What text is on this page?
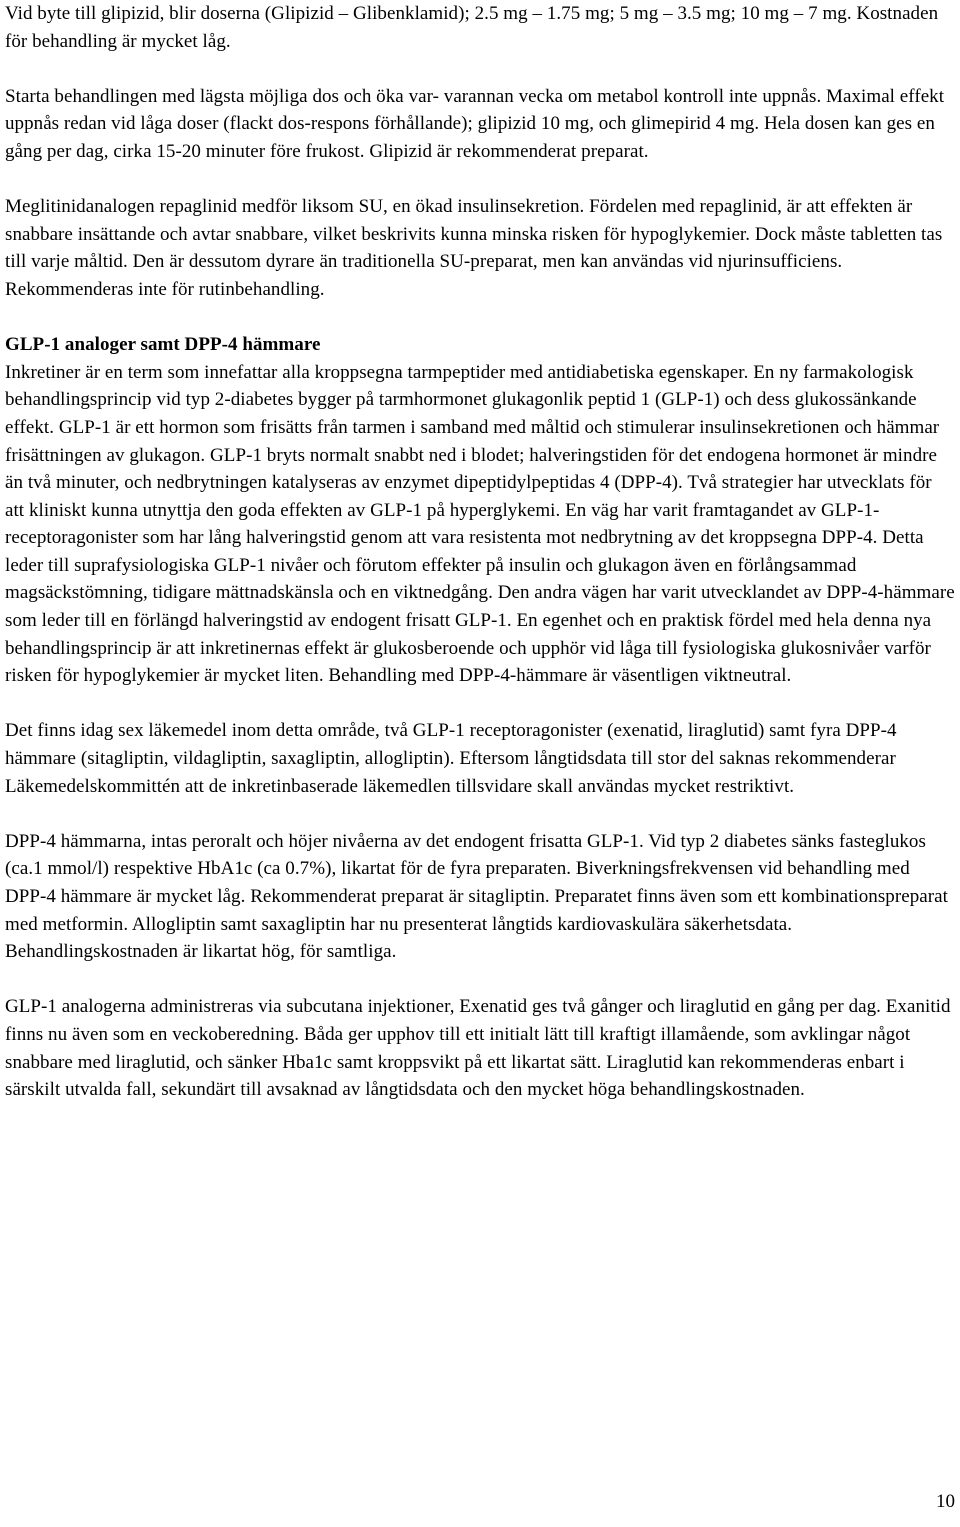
Vid byte till glipizid, blir doserna (Glipizid – Glibenklamid); 2.5 mg – 1.75 mg; 5 mg – 3.5 mg; 10 mg – 7 mg. Kostnaden för behandling är mycket låg.

Starta behandlingen med lägsta möjliga dos och öka var- varannan vecka om metabol kontroll inte uppnås. Maximal effekt uppnås redan vid låga doser (flackt dos-respons förhållande); glipizid 10 mg, och glimepirid 4 mg. Hela dosen kan ges en gång per dag, cirka 15-20 minuter före frukost. Glipizid är rekommenderat preparat.

Meglitinidanalogen repaglinid medför liksom SU, en ökad insulinsekretion. Fördelen med repaglinid, är att effekten är snabbare insättande och avtar snabbare, vilket beskrivits kunna minska risken för hypoglykemier. Dock måste tabletten tas till varje måltid. Den är dessutom dyrare än traditionella SU-preparat, men kan användas vid njurinsufficiens. Rekommenderas inte för rutinbehandling.

GLP-1 analoger samt DPP-4 hämmare

Inkretiner är en term som innefattar alla kroppsegna tarmpeptider med antidiabetiska egenskaper. En ny farmakologisk behandlingsprincip vid typ 2-diabetes bygger på tarmhormonet glukagonlik peptid 1 (GLP-1) och dess glukossänkande effekt. GLP-1 är ett hormon som frisätts från tarmen i samband med måltid och stimulerar insulinsekretionen och hämmar frisättningen av glukagon. GLP-1 bryts normalt snabbt ned i blodet; halveringstiden för det endogena hormonet är mindre än två minuter, och nedbrytningen katalyseras av enzymet dipeptidylpeptidas 4 (DPP-4). Två strategier har utvecklats för att kliniskt kunna utnyttja den goda effekten av GLP-1 på hyperglykemi. En väg har varit framtagandet av GLP-1-receptoragonister som har lång halveringstid genom att vara resistenta mot nedbrytning av det kroppsegna DPP-4. Detta leder till suprafysiologiska GLP-1 nivåer och förutom effekter på insulin och glukagon även en förlångsammad magsäckstömning, tidigare mättnadskänsla och en viktnedgång. Den andra vägen har varit utvecklandet av DPP-4-hämmare som leder till en förlängd halveringstid av endogent frisatt GLP-1. En egenhet och en praktisk fördel med hela denna nya behandlingsprincip är att inkretinernas effekt är glukosberoende och upphör vid låga till fysiologiska glukosnivåer varför risken för hypoglykemier är mycket liten. Behandling med DPP-4-hämmare är väsentligen viktneutral.

Det finns idag sex läkemedel inom detta område, två GLP-1 receptoragonister (exenatid, liraglutid) samt fyra DPP-4 hämmare (sitagliptin, vildagliptin, saxagliptin, allogliptin). Eftersom långtidsdata till stor del saknas rekommenderar Läkemedelskommittén att de inkretinbaserade läkemedlen tillsvidare skall användas mycket restriktivt.

DPP-4 hämmarna, intas peroralt och höjer nivåerna av det endogent frisatta GLP-1. Vid typ 2 diabetes sänks fasteglukos (ca.1 mmol/l) respektive HbA1c (ca 0.7%), likartat för de fyra preparaten. Biverkningsfrekvensen vid behandling med DPP-4 hämmare är mycket låg. Rekommenderat preparat är sitagliptin. Preparatet finns även som ett kombinationspreparat med metformin. Allogliptin samt saxagliptin har nu presenterat långtids kardiovaskulära säkerhetsdata. Behandlingskostnaden är likartat hög, för samtliga.

GLP-1 analogerna administreras via subcutana injektioner, Exenatid ges två gånger och liraglutid en gång per dag. Exanitid finns nu även som en veckoberedning. Båda ger upphov till ett initialt lätt till kraftigt illamående, som avklingar något snabbare med liraglutid, och sänker Hba1c samt kroppsvikt på ett likartat sätt. Liraglutid kan rekommenderas enbart i särskilt utvalda fall, sekundärt till avsaknad av långtidsdata och den mycket höga behandlingskostnaden.

10
